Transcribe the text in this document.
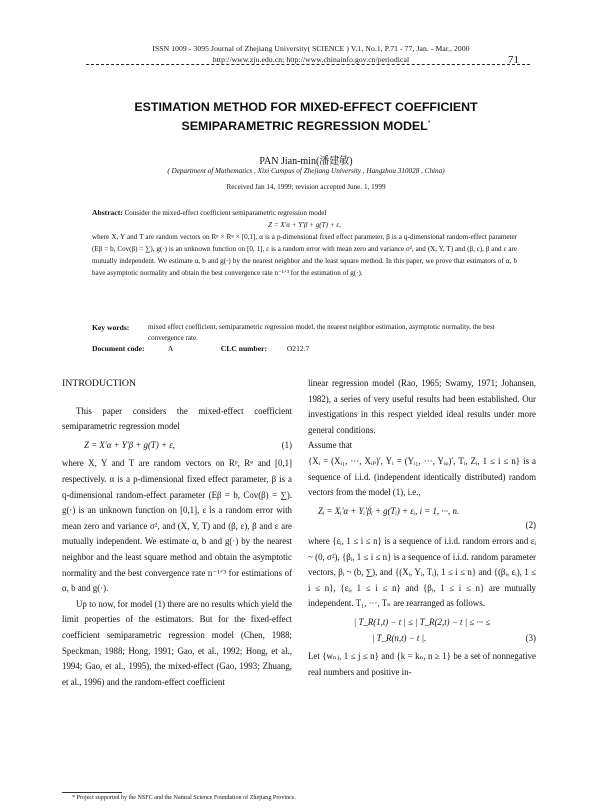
ISSN 1009 - 3095 Journal of Zhejiang University( SCIENCE ) V.1, No.1, P.71 - 77, Jan. - Mar., 2000
http://www.zju.edu.cn; http://www.chinainfo.gov.cn/periodical	71
ESTIMATION METHOD FOR MIXED-EFFECT COEFFICIENT
SEMIPARAMETRIC REGRESSION MODEL*
PAN Jian-min(潘建敏)
( Department of Mathematics , Xixi Campus of Zhejiang University , Hangzhou 310028 , China)
Received Jan 14, 1999; revision accepted June. 1, 1999
Abstract: Consider the mixed-effect coefficient semiparametric regression model
Z = X′α + Y′β + g(T) + ε,
where X, Y and T are random vectors on Rᵖ × Rᵠ × [0,1], α is a p-dimensional fixed effect parameter, β is a q-dimensional random-effect parameter (Eβ = b, Cov(β) = ∑), g(·) is an unknown function on [0, 1], ε is a random error with mean zero and variance σ², and (X, Y, T) and (β, ε), β and ε are mutually independent. We estimate α, b and g(·) by the nearest neighbor and the least square method. In this paper, we prove that estimators of α, b have asymptotic normality and obtain the best convergence rate n⁻¹ᐟ³ for the estimation of g(·).
Key words:	mixed effect coefficient, semiparametric regression model, the nearest neighbor estimation, asymptotic normality, the best convergence rate.
Document code:	A	CLC number:	O212.7
INTRODUCTION

This paper considers the mixed-effect coefficient semiparametric regression model

Z = X′α + Y′β + g(T) + ε,	(1)

where X, Y and T are random vectors on Rᵖ, Rᵠ and [0,1] respectively. α is a p-dimensional fixed effect parameter, β is a q-dimensional random-effect parameter (Eβ = b, Cov(β) = ∑). g(·) is an unknown function on [0,1], ε is a random error with mean zero and variance σ², and (X, Y, T) and (β, ε), β and ε are mutually independent. We estimate α, b and g(·) by the nearest neighbor and the least square method and obtain the asymptotic normality and the best convergence rate n⁻¹ᐟ³ for estimations of α, b and g(·).

Up to now, for model (1) there are no results which yield the limit properties of the estimators. But for the fixed-effect coefficient semiparametric regression model (Chen, 1988; Speckman, 1988; Hong, 1991; Gao, et al., 1992; Hong, et al., 1994; Gao, et al., 1995), the mixed-effect (Gao, 1993; Zhuang, et al., 1996) and the random-effect coefficient

linear regression model (Rao, 1965; Swamy, 1971; Johansen, 1982), a series of very useful results had been established. Our investigations in this respect yielded ideal results under more general conditions.

Assume that

{Xᵢ = (Xᵢ₁, ···, Xᵢₚ)′, Yᵢ = (Yᵢ₁, ···, Yᵢᵩ)′, Tᵢ, Zᵢ, 1 ≤ i ≤ n} is a sequence of i.i.d. (independent identically distributed) random vectors from the model (1), i.e.,

Zᵢ = Xᵢ′α + Yᵢ′βᵢ + g(Tᵢ) + εᵢ, i = 1, ···, n.
(2)

where {εᵢ, 1 ≤ i ≤ n} is a sequence of i.i.d. random errors and εᵢ ~ (0, σ²), {βᵢ, 1 ≤ i ≤ n} is a sequence of i.i.d. random parameter vectors, βᵢ ~ (b, ∑), and {(Xᵢ, Yᵢ, Tᵢ), 1 ≤ i ≤ n} and {(βᵢ, εᵢ), 1 ≤ i ≤ n}, {εᵢ, 1 ≤ i ≤ n} and {βᵢ, 1 ≤ i ≤ n} are mutually independent. T₁, ···, Tₙ are rearranged as follows.

| T_R(1,t) − t | ≤ | T_R(2,t) − t | ≤ ··· ≤
| T_R(n,t) − t |.	(3)

Let {wₙⱼ, 1 ≤ j ≤ n} and {k = kₙ, n ≥ 1} be a set of nonnegative real numbers and positive in-

* Project supported by the NSFC and the Natural Science Foundation of Zhejiang Province.
